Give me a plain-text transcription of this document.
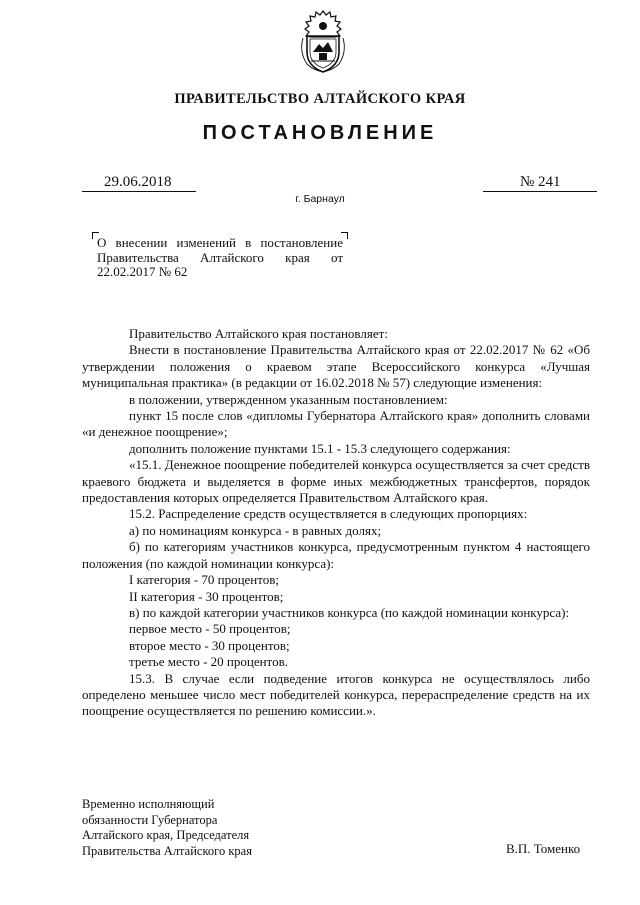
ПРАВИТЕЛЬСТВО АЛТАЙСКОГО КРАЯ
ПОСТАНОВЛЕНИЕ
29.06.2018	№ 241
г. Барнаул
О внесении изменений в постановление Правительства Алтайского края от 22.02.2017 № 62

Правительство Алтайского края постановляет:

Внести в постановление Правительства Алтайского края от 22.02.2017 № 62 «Об утверждении положения о краевом этапе Всероссийского конкурса «Лучшая муниципальная практика» (в редакции от 16.02.2018 № 57) следующие изменения:

в положении, утвержденном указанным постановлением:

пункт 15 после слов «дипломы Губернатора Алтайского края» дополнить словами «и денежное поощрение»;

дополнить положение пунктами 15.1 - 15.3 следующего содержания:

«15.1. Денежное поощрение победителей конкурса осуществляется за счет средств краевого бюджета и выделяется в форме иных межбюджетных трансфертов, порядок предоставления которых определяется Правительством Алтайского края.

15.2. Распределение средств осуществляется в следующих пропорциях:

а) по номинациям конкурса - в равных долях;

б) по категориям участников конкурса, предусмотренным пунктом 4 настоящего положения (по каждой номинации конкурса):

I категория - 70 процентов;

II категория - 30 процентов;

в) по каждой категории участников конкурса (по каждой номинации конкурса):

первое место - 50 процентов;

второе место - 30 процентов;

третье место - 20 процентов.

15.3. В случае если подведение итогов конкурса не осуществлялось либо определено меньшее число мест победителей конкурса, перераспределение средств на их поощрение осуществляется по решению комиссии.».

Временно исполняющий
обязанности Губернатора
Алтайского края, Председателя
Правительства Алтайского края	В.П. Томенко
